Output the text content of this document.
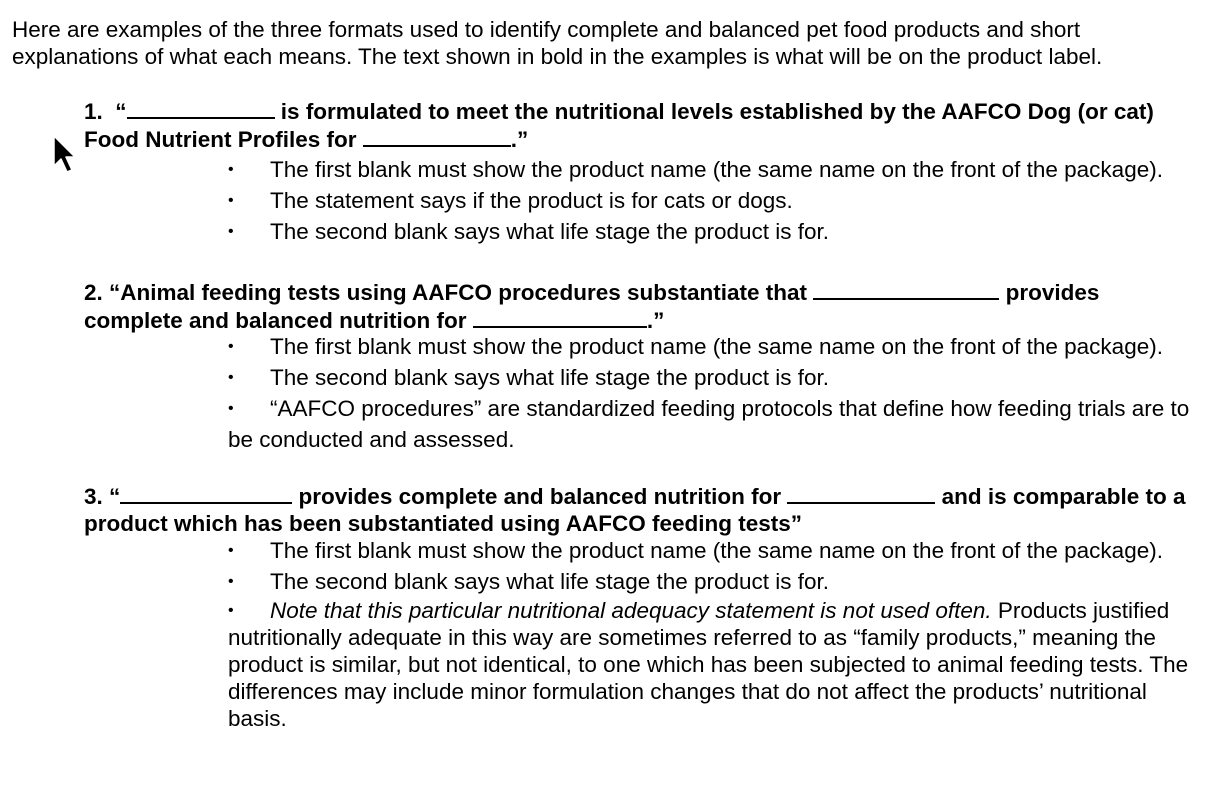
Here are examples of the three formats used to identify complete and balanced pet food products and short explanations of what each means. The text shown in bold in the examples is what will be on the product label.

1. “	is formulated to meet the nutritional levels established by the AAFCO Dog (or cat) Food Nutrient Profiles for	.”

•	The first blank must show the product name (the same name on the front of the package).
•	The statement says if the product is for cats or dogs.
•	The second blank says what life stage the product is for.

2. “Animal feeding tests using AAFCO procedures substantiate that	provides complete and balanced nutrition for	.”

•	The first blank must show the product name (the same name on the front of the package).
•	The second blank says what life stage the product is for.
•	“AAFCO procedures” are standardized feeding protocols that define how feeding trials are to be conducted and assessed.

3. “	provides complete and balanced nutrition for	and is comparable to a product which has been substantiated using AAFCO feeding tests”

•	The first blank must show the product name (the same name on the front of the package).
•	The second blank says what life stage the product is for.
•	Note that this particular nutritional adequacy statement is not used often. Products justified nutritionally adequate in this way are sometimes referred to as “family products,” meaning the product is similar, but not identical, to one which has been subjected to animal feeding tests. The differences may include minor formulation changes that do not affect the products’ nutritional basis.
